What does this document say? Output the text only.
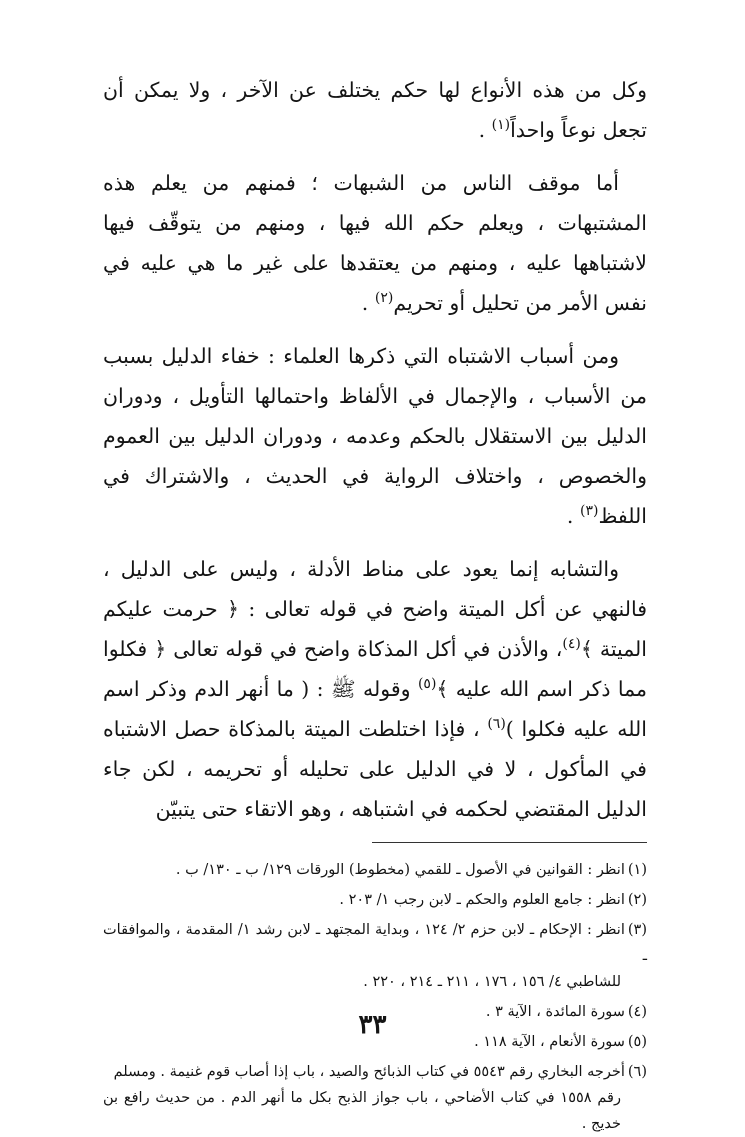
وكل من هذه الأنواع لها حكم يختلف عن الآخر ، ولا يمكن أن تجعل نوعاً واحداً$^{(١)}$ .

أما موقف الناس من الشبهات ؛ فمنهم من يعلم هذه المشتبهات ، ويعلم حكم الله فيها ، ومنهم من يتوقّف فيها لاشتباهها عليه ، ومنهم من يعتقدها على غير ما هي عليه في نفس الأمر من تحليل أو تحريم$^{(٢)}$ .

ومن أسباب الاشتباه التي ذكرها العلماء : خفاء الدليل بسبب من الأسباب ، والإجمال في الألفاظ واحتمالها التأويل ، ودوران الدليل بين الاستقلال بالحكم وعدمه ، ودوران الدليل بين العموم والخصوص ، واختلاف الرواية في الحديث ، والاشتراك في اللفظ$^{(٣)}$ .

والتشابه إنما يعود على مناط الأدلة ، وليس على الدليل ، فالنهي عن أكل الميتة واضح في قوله تعالى : ﴿ حرمت عليكم الميتة ﴾$^{(٤)}$، والأذن في أكل المذكاة واضح في قوله تعالى ﴿ فكلوا مما ذكر اسم الله عليه ﴾$^{(٥)}$ وقوله ﷺ : ( ما أنهر الدم وذكر اسم الله عليه فكلوا )$^{(٦)}$ ، فإذا اختلطت الميتة بالمذكاة حصل الاشتباه في المأكول ، لا في الدليل على تحليله أو تحريمه ، لكن جاء الدليل المقتضي لحكمه في اشتباهه ، وهو الاتقاء حتى يتبيّن

(١)انظر : القوانين في الأصول ـ للقمي (مخطوط) الورقات ١٢٩/ ب ـ ١٣٠/ ب .
(٢)انظر : جامع العلوم والحكم ـ لابن رجب ١/ ٢٠٣ .
(٣)انظر : الإحكام ـ لابن حزم ٢/ ١٢٤ ، وبداية المجتهد ـ لابن رشد ١/ المقدمة ، والموافقات ـ
للشاطبي ٤/ ١٥٦ ، ١٧٦ ، ٢١١ ـ ٢١٤ ، ٢٢٠ .
(٤)سورة المائدة ، الآية ٣ .
(٥)سورة الأنعام ، الآية ١١٨ .
(٦)أخرجه البخاري رقم ٥٥٤٣ في كتاب الذبائح والصيد ، باب إذا أصاب قوم غنيمة . ومسلم
رقم ١٥٥٨ في كتاب الأضاحي ، باب جواز الذبح بكل ما أنهر الدم . من حديث رافع بن خديج .
٣٣
